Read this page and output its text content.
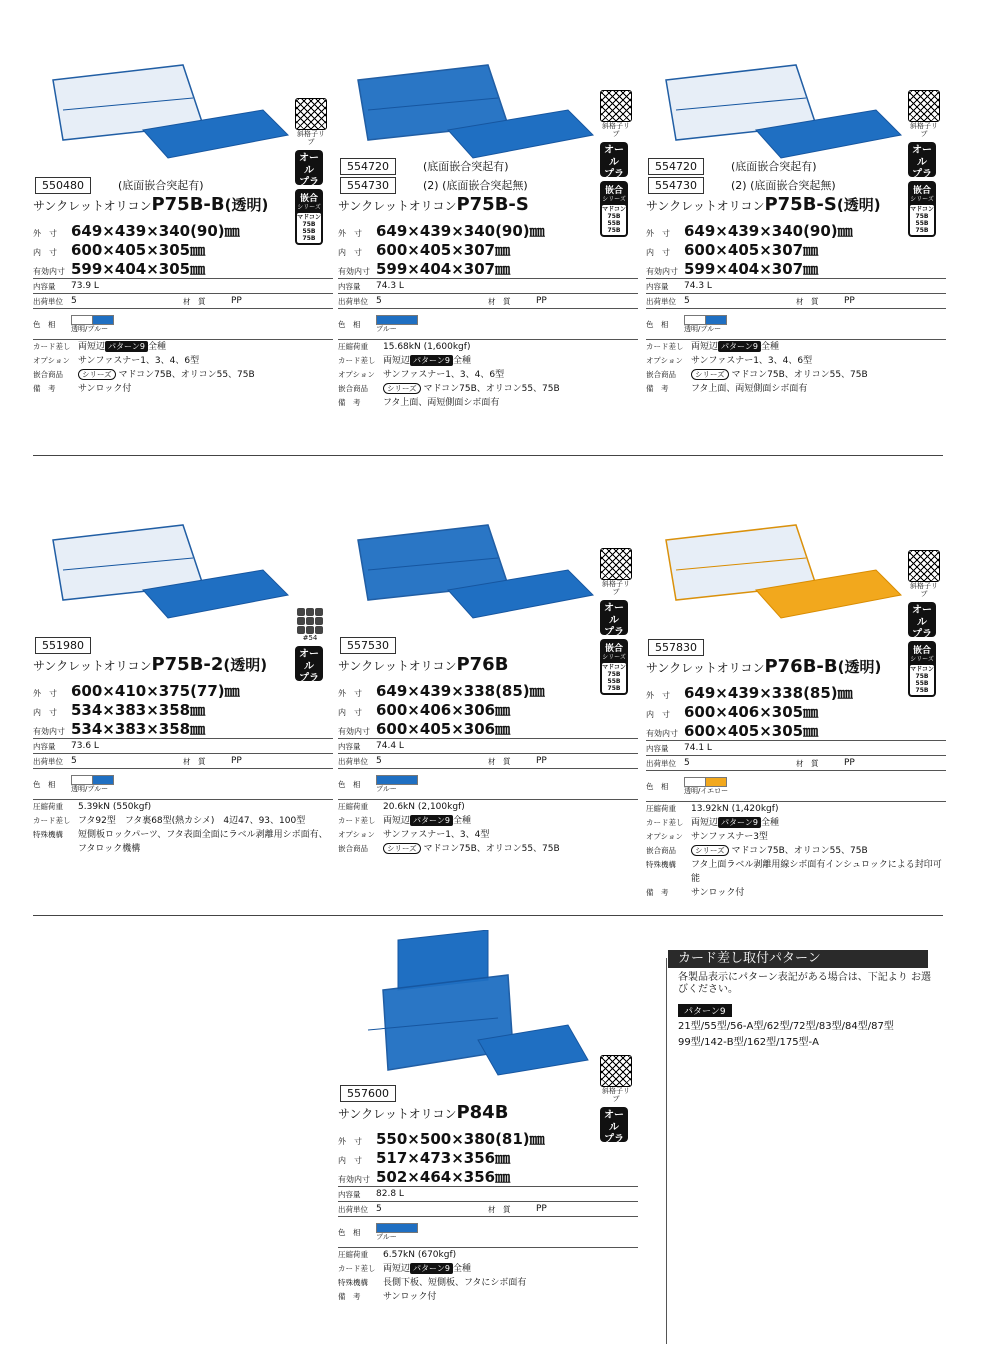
斜格子リブ
オール
プラ
嵌合
シリーズ
マドコン75B
55B
75B
550480	(底面嵌合突起有)
サンクレットオリコンP75B-B(透明)
外　寸 649×439×340(90)㎜
内　寸 600×405×305㎜
有効内寸 599×404×305㎜
内容量	73.9 L
出荷単位 5	材　質	PP
色　相	透明/ブルー
カード差し 両短辺 パターン9 全種
オプション サンファスナー1、3、4、6型
嵌合商品	シリーズ マドコン75B、オリコン55、75B
備　考	サンロック付
斜格子リブ
オール
プラ
嵌合
シリーズ
マドコン75B
55B
75B
554720	(底面嵌合突起有)
554730	(2) (底面嵌合突起無)
サンクレットオリコンP75B-S
外　寸 649×439×340(90)㎜
内　寸 600×405×307㎜
有効内寸 599×404×307㎜
内容量	74.3 L
出荷単位 5	材　質	PP
色　相	ブルー
圧縮荷重	15.68kN (1,600kgf)
カード差し 両短辺 パターン9 全種
オプション サンファスナー1、3、4、6型
嵌合商品	シリーズ マドコン75B、オリコン55、75B
備　考	フタ上面、両短側面シボ面有
斜格子リブ
オール
プラ
嵌合
シリーズ
マドコン75B
55B
75B
554720	(底面嵌合突起有)
554730	(2) (底面嵌合突起無)
サンクレットオリコンP75B-S(透明)
外　寸 649×439×340(90)㎜
内　寸 600×405×307㎜
有効内寸 599×404×307㎜
内容量	74.3 L
出荷単位 5	材　質	PP
色　相	透明/ブルー
カード差し 両短辺 パターン9 全種
オプション サンファスナー1、3、4、6型
嵌合商品	シリーズ マドコン75B、オリコン55、75B
備　考	フタ上面、両短側面シボ面有
#54
オール
プラ
551980
サンクレットオリコンP75B-2(透明)
外　寸 600×410×375(77)㎜
内　寸 534×383×358㎜
有効内寸 534×383×358㎜
内容量	73.6 L
出荷単位 5	材　質	PP
色　相	透明/ブルー
圧縮荷重	5.39kN (550kgf)
カード差し フタ92型　フタ裏68型(熱カシメ)　4辺47、93、100型
特殊機構	短側板ロックパーツ、フタ表面全面にラベル剥離用シボ面有、フタロック機構
斜格子リブ
オール
プラ
嵌合
シリーズ
マドコン75B
55B
75B
557530
サンクレットオリコンP76B
外　寸 649×439×338(85)㎜
内　寸 600×406×306㎜
有効内寸 600×405×306㎜
内容量	74.4 L
出荷単位 5	材　質	PP
色　相	ブルー
圧縮荷重	20.6kN (2,100kgf)
カード差し 両短辺 パターン9 全種
オプション サンファスナー1、3、4型
嵌合商品	シリーズ マドコン75B、オリコン55、75B
斜格子リブ
オール
プラ
嵌合
シリーズ
マドコン75B
55B
75B
557830
サンクレットオリコンP76B-B(透明)
外　寸 649×439×338(85)㎜
内　寸 600×406×305㎜
有効内寸 600×405×305㎜
内容量	74.1 L
出荷単位 5	材　質	PP
色　相	透明/イエロー
圧縮荷重	13.92kN (1,420kgf)
カード差し 両短辺 パターン9 全種
オプション サンファスナー3型
嵌合商品	シリーズ マドコン75B、オリコン55、75B
特殊機構	フタ上面ラベル剥離用線シボ面有インシュロックによる封印可能
備　考	サンロック付
斜格子リブ
オール
プラ
557600
サンクレットオリコンP84B
外　寸 550×500×380(81)㎜
内　寸 517×473×356㎜
有効内寸 502×464×356㎜
内容量	82.8 L
出荷単位 5	材　質	PP
色　相	ブルー
圧縮荷重	6.57kN (670kgf)
カード差し 両短辺 パターン9 全種
特殊機構	長側下板、短側板、フタにシボ面有
備　考	サンロック付
カード差し取付パターン
各製品表示にパターン表記がある場合は、下記より お選びください。
パターン9
21型/55型/56-A型/62型/72型/83型/84型/87型
99型/142-B型/162型/175型-A
